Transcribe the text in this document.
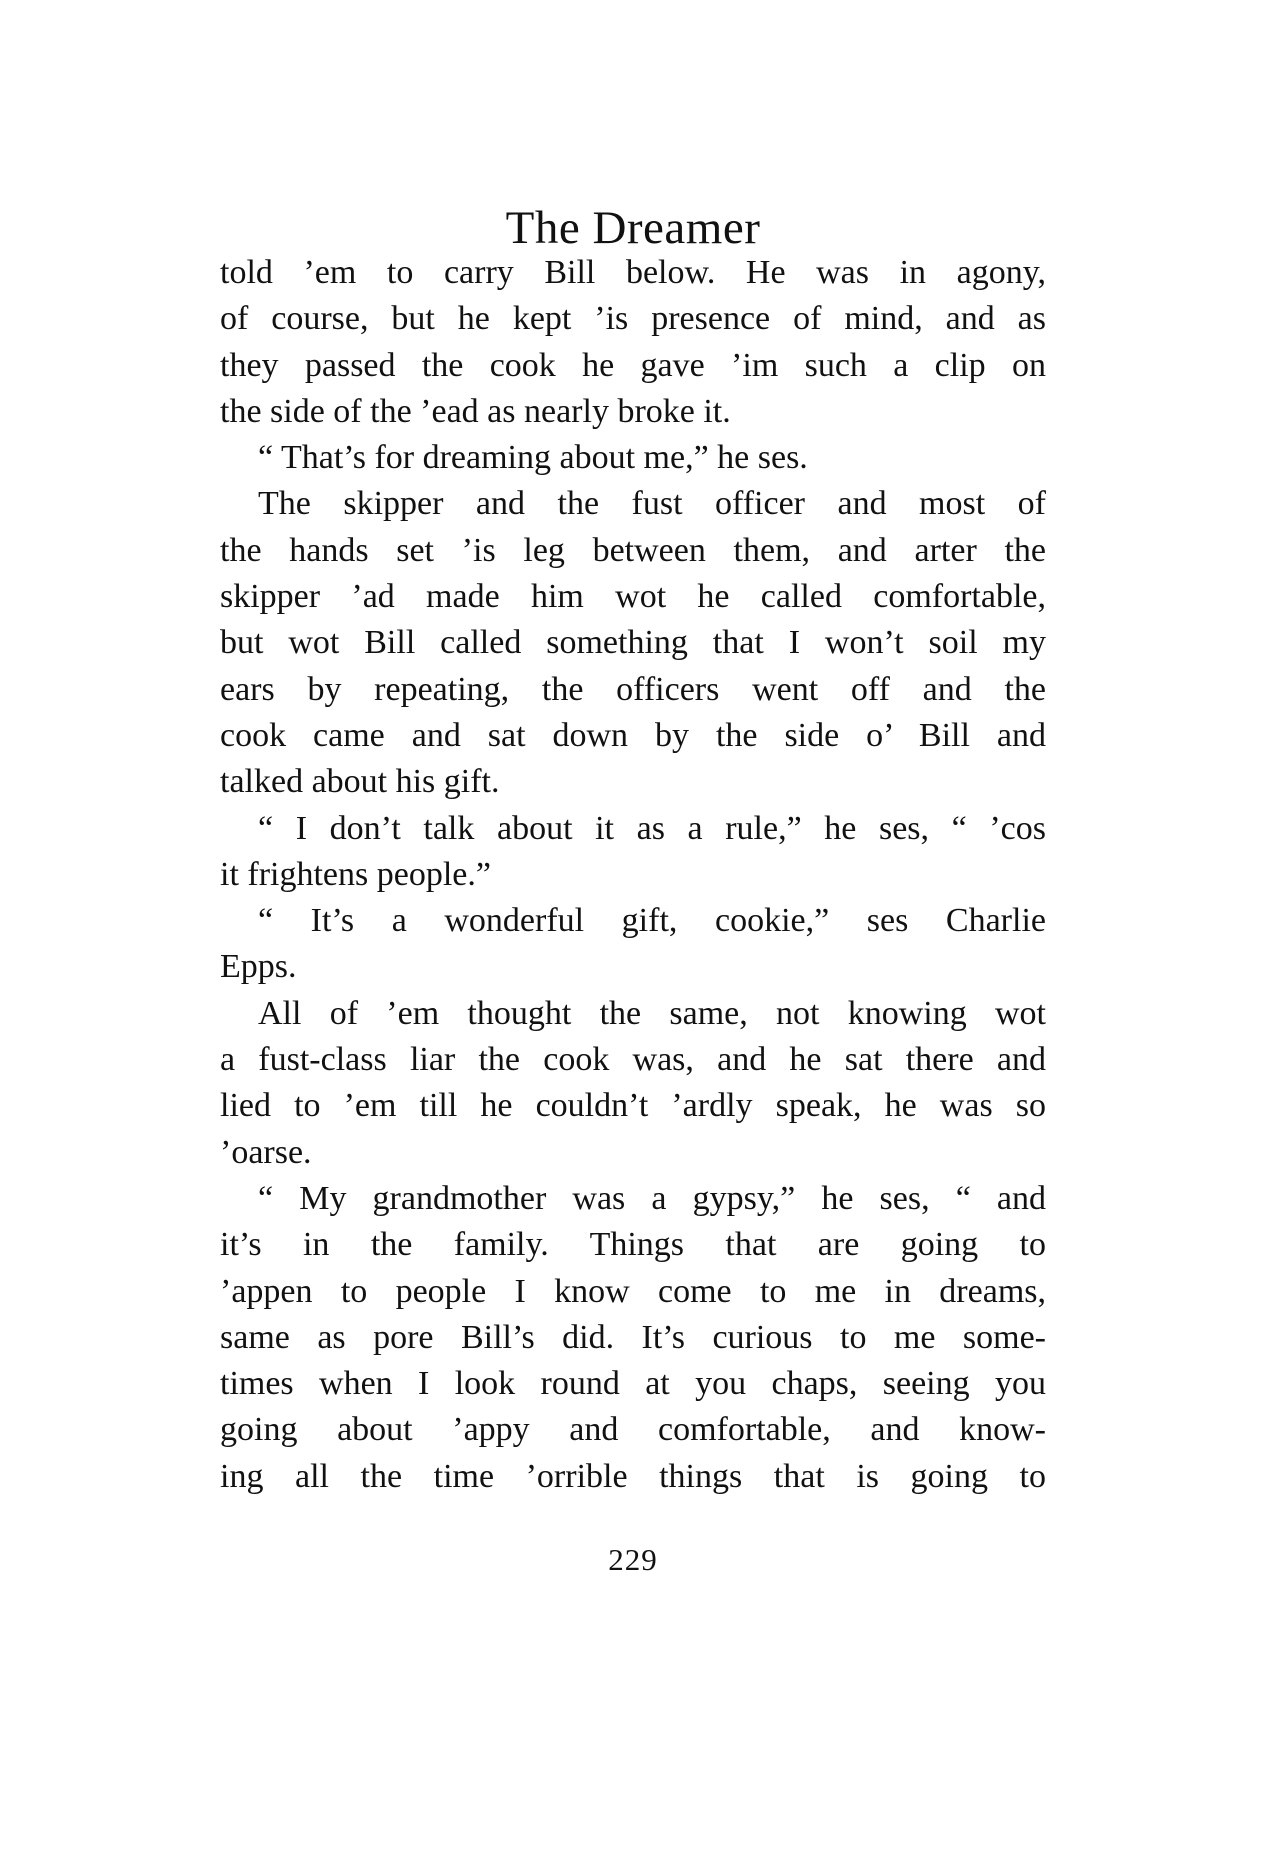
The Dreamer
told ’em to carry Bill below. He was in agony,
of course, but he kept ’is presence of mind, and as
they passed the cook he gave ’im such a clip on
the side of the ’ead as nearly broke it.
“ That’s for dreaming about me,” he ses.
The skipper and the fust officer and most of
the hands set ’is leg between them, and arter the
skipper ’ad made him wot he called comfortable,
but wot Bill called something that I won’t soil my
ears by repeating, the officers went off and the
cook came and sat down by the side o’ Bill and
talked about his gift.
“ I don’t talk about it as a rule,” he ses, “ ’cos
it frightens people.”
“ It’s a wonderful gift, cookie,” ses Charlie
Epps.
All of ’em thought the same, not knowing wot
a fust-class liar the cook was, and he sat there and
lied to ’em till he couldn’t ’ardly speak, he was so
’oarse.
“ My grandmother was a gypsy,” he ses, “ and
it’s in the family. Things that are going to
’appen to people I know come to me in dreams,
same as pore Bill’s did. It’s curious to me some-
times when I look round at you chaps, seeing you
going about ’appy and comfortable, and know-
ing all the time ’orrible things that is going to
229
